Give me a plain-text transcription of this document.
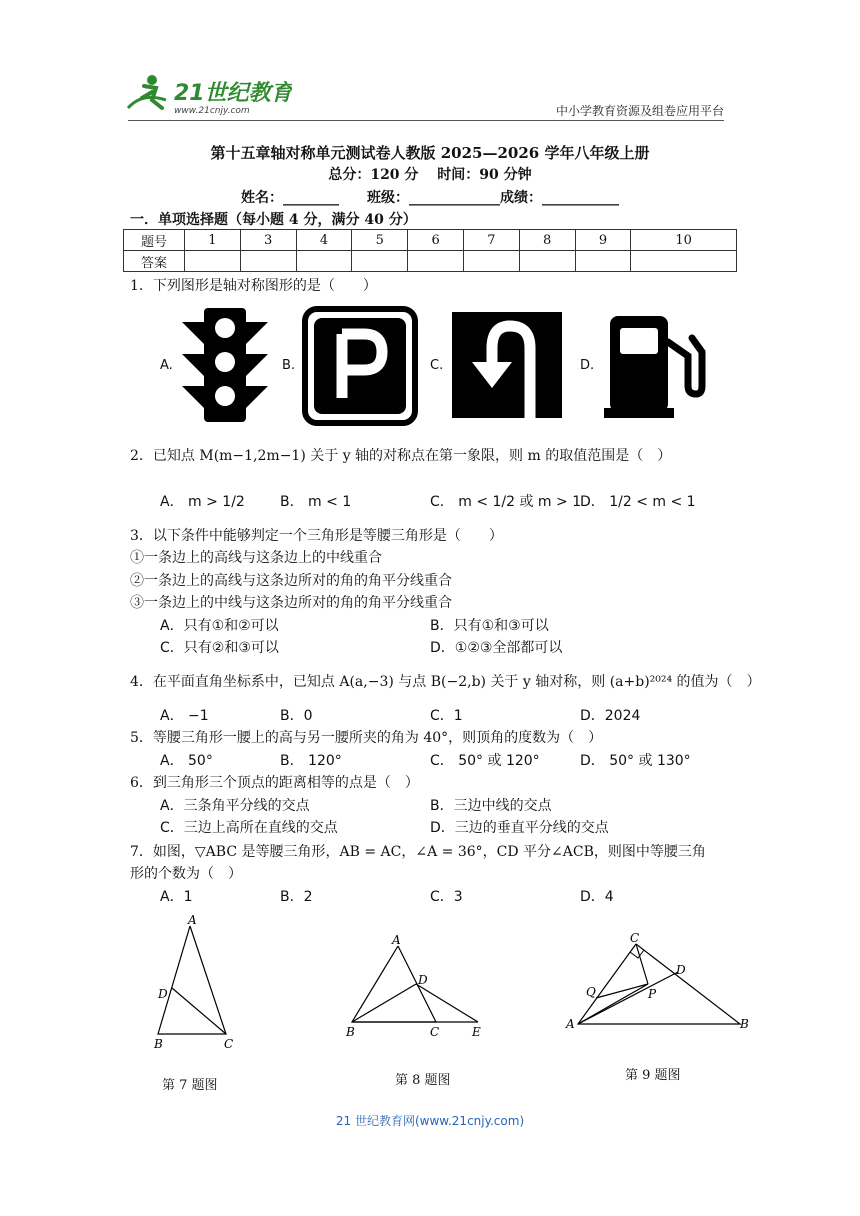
21世纪教育
www.21cnjy.com	中小学教育资源及组卷应用平台
第十五章轴对称单元测试卷人教版 2025—2026 学年八年级上册
总分：120 分　 时间：90 分钟
姓名：________　　班级：_____________成绩：___________
一．单项选择题（每小题 4 分，满分 40 分）
题号	1	3	4	5	6	7	8	9	10
答案									
1．下列图形是轴对称图形的是（　　）
A.	B.	C.	D.
2．已知点 M(m−1,2m−1) 关于 y 轴的对称点在第一象限，则 m 的取值范围是（　）
A． m > 1/2	B． m < 1	C． m < 1/2 或 m > 1
D． 1/2 < m < 1
3．以下条件中能够判定一个三角形是等腰三角形是（　　）
①一条边上的高线与这条边上的中线重合
②一条边上的高线与这条边所对的角的角平分线重合
③一条边上的中线与这条边所对的角的角平分线重合
A．只有①和②可以	B．只有①和③可以
C．只有②和③可以	D．①②③全部都可以
4．在平面直角坐标系中，已知点 A(a,−3) 与点 B(−2,b) 关于 y 轴对称，则 (a+b)²⁰²⁴ 的值为（　）
A． −1	B．0	C．1	D．2024
5．等腰三角形一腰上的高与另一腰所夹的角为 40°，则顶角的度数为（　）
A． 50°	B． 120°	C． 50° 或 120°	D． 50° 或 130°
6．到三角形三个顶点的距离相等的点是（　）
A．三条角平分线的交点	B．三边中线的交点
C．三边上高所在直线的交点	D．三边的垂直平分线的交点
7．如图，▽ABC 是等腰三角形，AB = AC，∠A = 36°，CD 平分∠ACB，则图中等腰三角
形的个数为（　）
A．1	B．2	C．3	D．4
A
D
B	C
第 7 题图
A
D
B	C	E
第 8 题图
C
D
Q	P
A	B
第 9 题图
21 世纪教育网(www.21cnjy.com)
